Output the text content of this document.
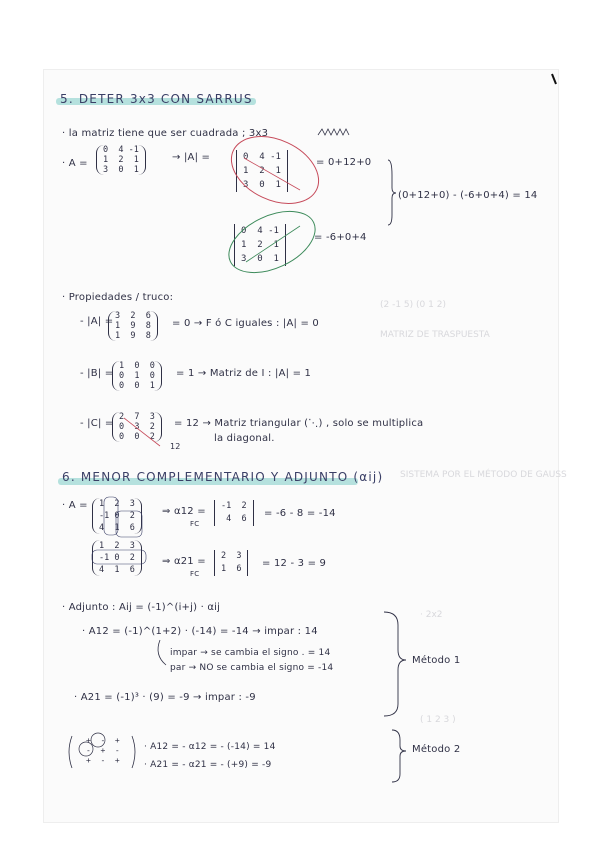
(2 -1 5) (0 1 2)
SISTEMA POR EL MÉTODO DE GAUSS
MATRIZ DE TRASPUESTA
· 2x2
( 1 2 3 )
5. DETER 3x3 CON SARRUS
· la matriz tiene que ser cuadrada ; 3x3
· A =
0  4 -1
1  2  1
3  0  1
→ |A| =	0  4 -1
1  2  1
3  0  1
= 0+12+0
0  4 -1
1  2  1
3  0  1
= -6+0+4
(0+12+0) - (-6+0+4) = 14
· Propiedades / truco:
- |A| = 3  2  6
1  9  8
1  9  8
= 0 → F ó C iguales : |A| = 0
- |B| =
1  0  0
0  1  0
0  0  1
= 1 → Matriz de I : |A| = 1
- |C| =
2  7  3
0  3  2
0  0  2
= 12 → Matriz triangular (⋱) , solo se multiplica
la diagonal.
12
6. MENOR COMPLEMENTARIO Y ADJUNTO (αij)
· A =	1  2  3
-1 0  2
4  1  6
⇒ α12 =
FC
-1  2
4  6	= -6 - 8 = -14
1  2  3
-1 0  2
4  1  6
⇒ α21 =
FC
2  3
1  6	= 12 - 3 = 9
· Adjunto : Aij = (-1)^(i+j) · αij
· A12 = (-1)^(1+2) · (-14) = -14 → impar : 14
impar → se cambia el signo . = 14
par → NO se cambia el signo = -14
Método 1
· A21 = (-1)³ · (9) = -9 → impar : -9
+  -  +
-  +  -
+  -  +
· A12 = - α12 = - (-14) = 14
· A21 = - α21 = - (+9) = -9
Método 2
